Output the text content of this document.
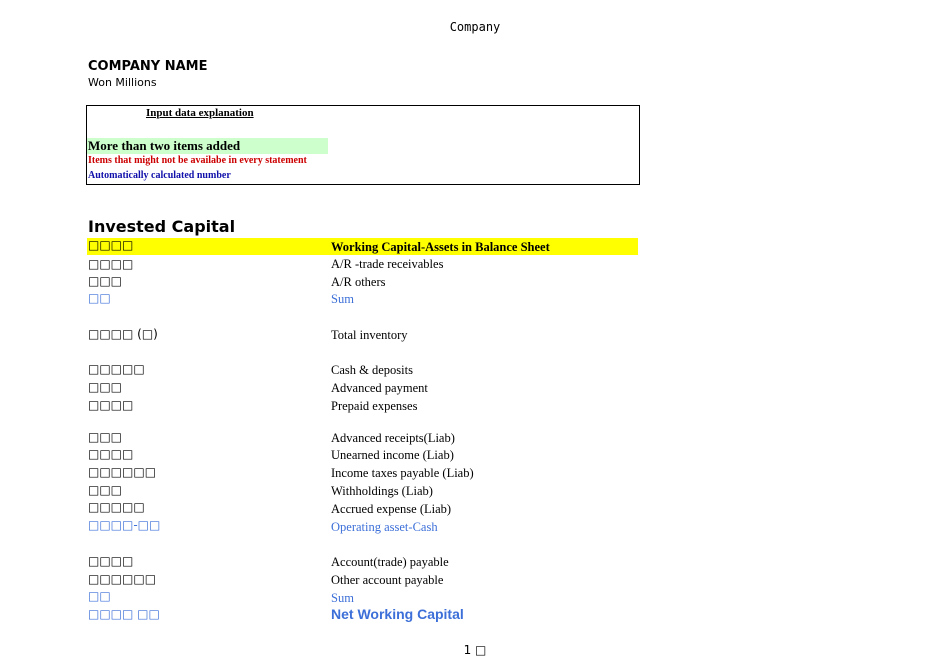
Company
COMPANY NAME
Won Millions
Input data explanation
More than two items added
Items that might not be availabe in every statement
Automatically calculated number
Invested Capital
□□□□	Working Capital-Assets in Balance Sheet
□□□□	A/R -trade receivables
□□□	A/R others
□□	Sum
□□□□ (□)	Total inventory
□□□□□	Cash & deposits
□□□	Advanced payment
□□□□	Prepaid expenses
□□□	Advanced receipts(Liab)
□□□□	Unearned income (Liab)
□□□□□□	Income taxes payable (Liab)
□□□	Withholdings (Liab)
□□□□□	Accrued expense (Liab)
□□□□-□□	Operating asset-Cash
□□□□	Account(trade) payable
□□□□□□	Other account payable
□□	Sum
□□□□ □□	Net Working Capital
1 □
